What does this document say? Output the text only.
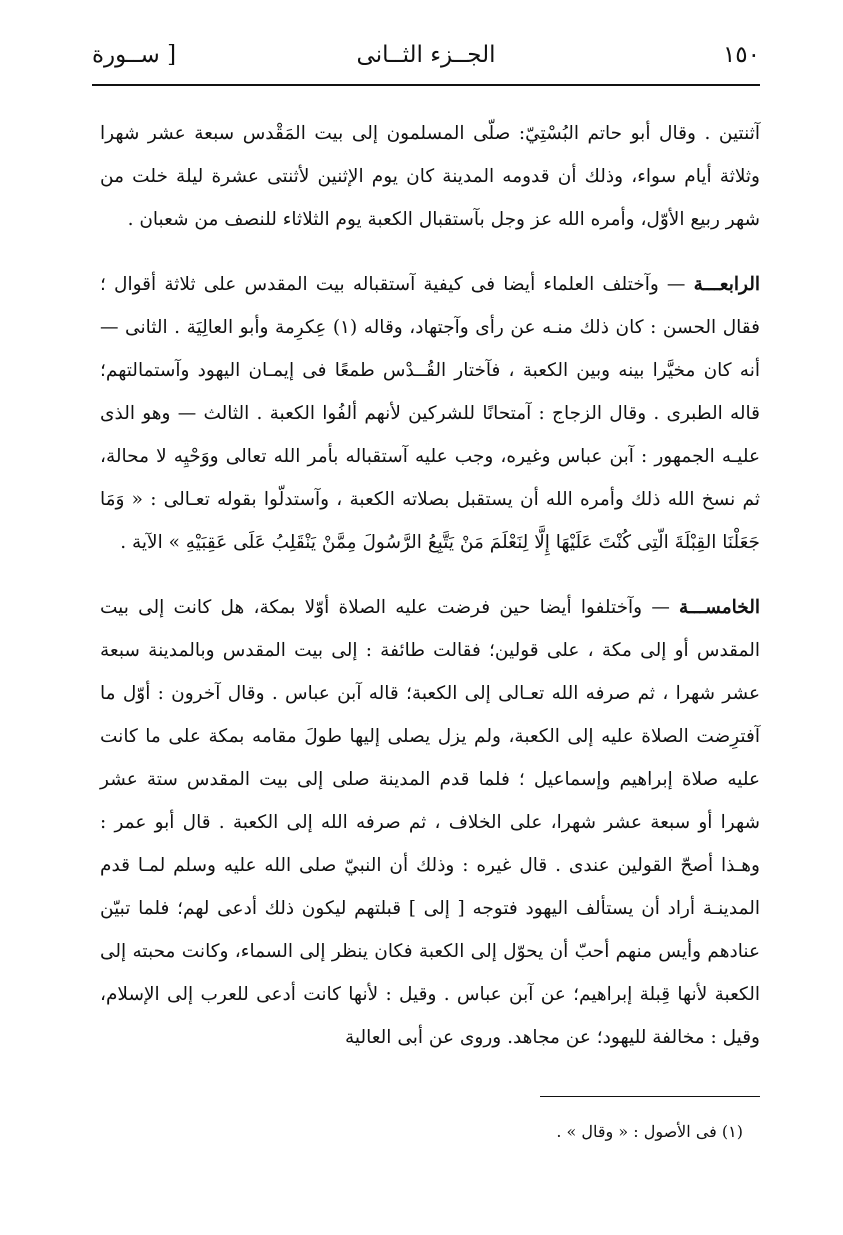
١٥٠
الجــزء الثــانى
[ ســورة

آثنتين . وقال أبو حاتم البُسْتِيّ: صلّى المسلمون إلى بيت المَقْدس سبعة عشر شهرا وثلاثة أيام سواء، وذلك أن قدومه المدينة كان يوم الإثنين لأثنتى عشرة ليلة خلت من شهر ربيع الأوّل، وأمره الله عز وجل بآستقبال الكعبة يوم الثلاثاء للنصف من شعبان .

الرابعـــة — وآختلف العلماء أيضا فى كيفية آستقباله بيت المقدس على ثلاثة أقوال ؛ فقال الحسن : كان ذلك منـه عن رأى وآجتهاد، وقاله (١) عِكرِمة وأبو العالِيَة . الثانى — أنه كان مخيَّرا بينه وبين الكعبة ، فآختار القُــدْس طمعًا فى إيمـان اليهود وآستمالتهم؛ قاله الطبرى . وقال الزجاج : آمتحانًا للشركين لأنهم ألفُوا الكعبة . الثالث — وهو الذى عليـه الجمهور : آبن عباس وغيره، وجب عليه آستقباله بأمر الله تعالى ووَحْيِه لا محالة، ثم نسخ الله ذلك وأمره الله أن يستقبل بصلاته الكعبة ، وآستدلّوا بقوله تعـالى : « وَمَا جَعَلْنَا القِبْلَةَ الّتِى كُنْتَ عَلَيْهَا إِلَّا لِنَعْلَمَ مَنْ يَتَّبِعُ الرَّسُولَ مِمَّنْ يَنْقَلِبُ عَلَى عَقِبَيْهِ » الآية .

الخامســـة — وآختلفوا أيضا حين فرضت عليه الصلاة أوّلا بمكة، هل كانت إلى بيت المقدس أو إلى مكة ، على قولين؛ فقالت طائفة : إلى بيت المقدس وبالمدينة سبعة عشر شهرا ، ثم صرفه الله تعـالى إلى الكعبة؛ قاله آبن عباس . وقال آخرون : أوّل ما آفترِضت الصلاة عليه إلى الكعبة، ولم يزل يصلى إليها طولَ مقامه بمكة على ما كانت عليه صلاة إبراهيم وإسماعيل ؛ فلما قدم المدينة صلى إلى بيت المقدس ستة عشر شهرا أو سبعة عشر شهرا، على الخلاف ، ثم صرفه الله إلى الكعبة . قال أبو عمر : وهـذا أصحّ القولين عندى . قال غيره : وذلك أن النبيّ صلى الله عليه وسلم لمـا قدم المدينـة أراد أن يستألف اليهود فتوجه [ إلى ] قبلتهم ليكون ذلك أدعى لهم؛ فلما تبيّن عنادهم وأيس منهم أحبّ أن يحوّل إلى الكعبة فكان ينظر إلى السماء، وكانت محبته إلى الكعبة لأنها قِبلة إبراهيم؛ عن آبن عباس . وقيل : لأنها كانت أدعى للعرب إلى الإسلام، وقيل : مخالفة لليهود؛ عن مجاهد. وروى عن أبى العالية

(١) فى الأصول : « وقال » .
